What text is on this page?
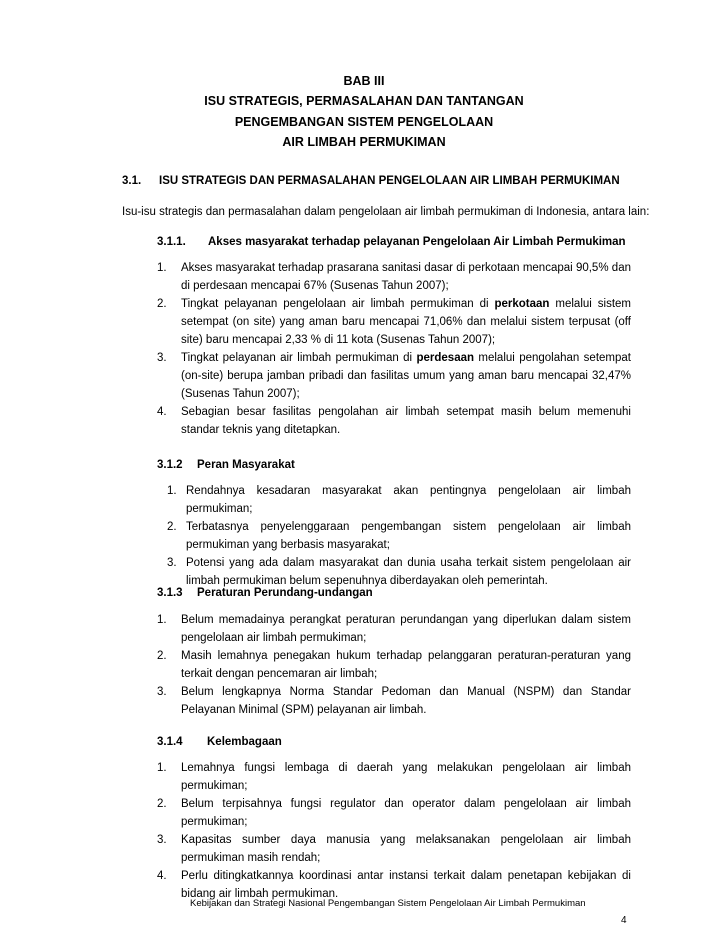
BAB III
ISU STRATEGIS, PERMASALAHAN DAN TANTANGAN
PENGEMBANGAN SISTEM PENGELOLAAN
AIR LIMBAH PERMUKIMAN
3.1. ISU STRATEGIS DAN PERMASALAHAN PENGELOLAAN AIR LIMBAH PERMUKIMAN
Isu-isu strategis dan permasalahan dalam pengelolaan air limbah permukiman di Indonesia, antara lain:
3.1.1. Akses masyarakat terhadap pelayanan Pengelolaan Air Limbah Permukiman
1. Akses masyarakat terhadap prasarana sanitasi dasar di perkotaan mencapai 90,5% dan di perdesaan mencapai 67% (Susenas Tahun 2007);
2. Tingkat pelayanan pengelolaan air limbah permukiman di perkotaan melalui sistem setempat (on site) yang aman baru mencapai 71,06% dan melalui sistem terpusat (off site) baru mencapai 2,33 % di 11 kota (Susenas Tahun 2007);
3. Tingkat pelayanan air limbah permukiman di perdesaan melalui pengolahan setempat (on-site) berupa jamban pribadi dan fasilitas umum yang aman baru mencapai 32,47% (Susenas Tahun 2007);
4. Sebagian besar fasilitas pengolahan air limbah setempat masih belum memenuhi standar teknis yang ditetapkan.
3.1.2 Peran Masyarakat
1. Rendahnya kesadaran masyarakat akan pentingnya pengelolaan air limbah permukiman;
2. Terbatasnya penyelenggaraan pengembangan sistem pengelolaan air limbah permukiman yang berbasis masyarakat;
3. Potensi yang ada dalam masyarakat dan dunia usaha terkait sistem pengelolaan air limbah permukiman belum sepenuhnya diberdayakan oleh pemerintah.
3.1.3 Peraturan Perundang-undangan
1. Belum memadainya perangkat peraturan perundangan yang diperlukan dalam sistem pengelolaan air limbah permukiman;
2. Masih lemahnya penegakan hukum terhadap pelanggaran peraturan-peraturan yang terkait dengan pencemaran air limbah;
3. Belum lengkapnya Norma Standar Pedoman dan Manual (NSPM) dan Standar Pelayanan Minimal (SPM) pelayanan air limbah.
3.1.4 Kelembagaan
1. Lemahnya fungsi lembaga di daerah yang melakukan pengelolaan air limbah permukiman;
2. Belum terpisahnya fungsi regulator dan operator dalam pengelolaan air limbah permukiman;
3. Kapasitas sumber daya manusia yang melaksanakan pengelolaan air limbah permukiman masih rendah;
4. Perlu ditingkatkannya koordinasi antar instansi terkait dalam penetapan kebijakan di bidang air limbah permukiman.
Kebijakan dan Strategi Nasional Pengembangan Sistem Pengelolaan Air Limbah Permukiman
4
